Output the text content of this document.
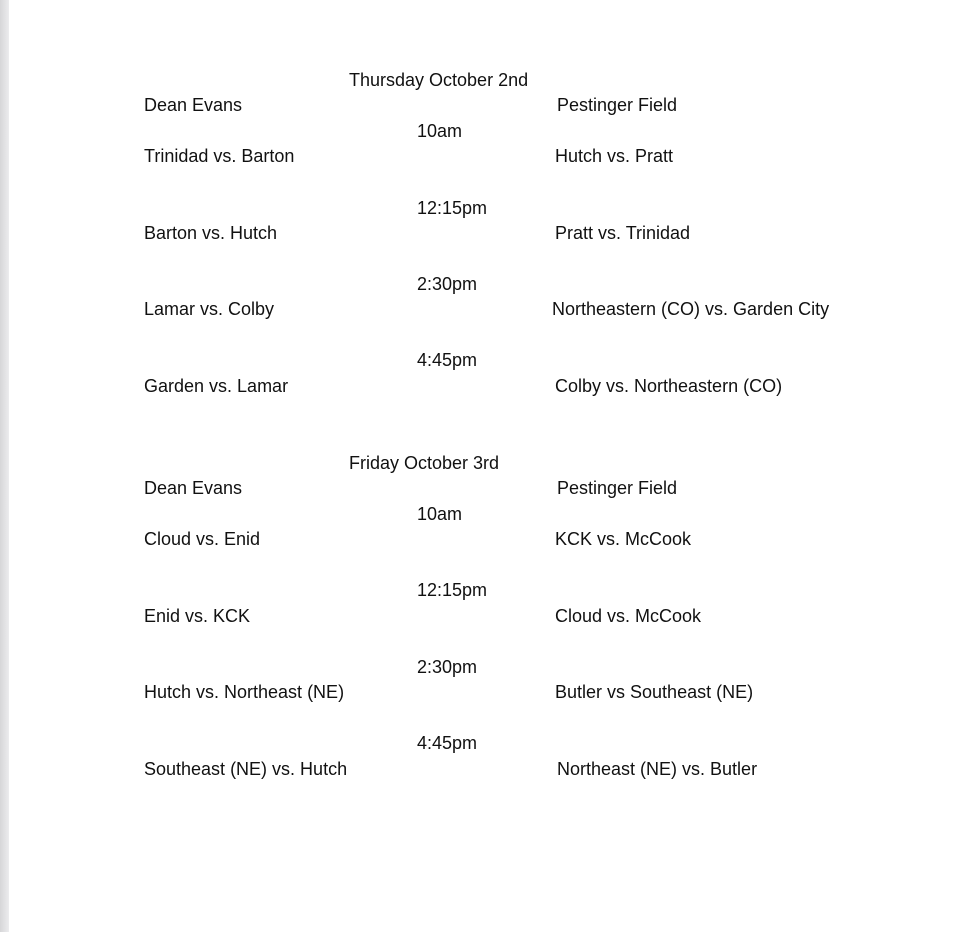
Thursday October 2nd
Dean Evans	Pestinger Field
10am
Trinidad vs. Barton	Hutch vs. Pratt
12:15pm
Barton vs. Hutch	Pratt vs. Trinidad
2:30pm
Lamar vs. Colby	Northeastern (CO) vs. Garden City
4:45pm
Garden vs. Lamar	Colby vs. Northeastern (CO)
Friday October 3rd
Dean Evans	Pestinger Field
10am
Cloud vs. Enid	KCK vs. McCook
12:15pm
Enid vs. KCK	Cloud vs. McCook
2:30pm
Hutch vs. Northeast (NE)	Butler vs Southeast (NE)
4:45pm
Southeast (NE) vs. Hutch	Northeast (NE) vs. Butler
